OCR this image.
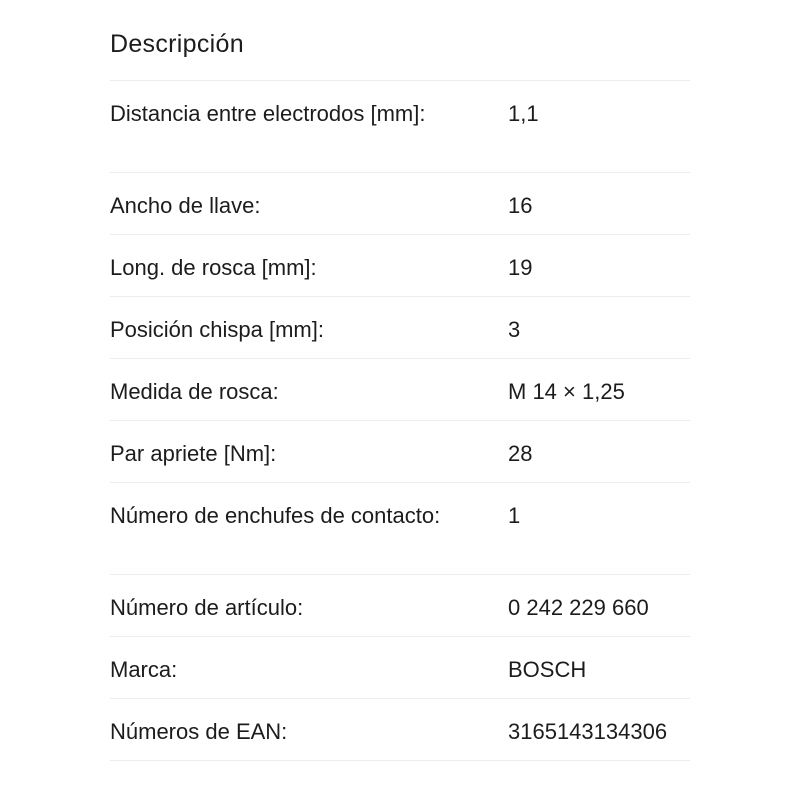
Descripción
Distancia entre electrodos [mm]:	1,1
Ancho de llave:	16
Long. de rosca [mm]:	19
Posición chispa [mm]:	3
Medida de rosca:	M 14 × 1,25
Par apriete [Nm]:	28
Número de enchufes de contacto:	1
Número de artículo:	0 242 229 660
Marca:	BOSCH
Números de EAN:	3165143134306
